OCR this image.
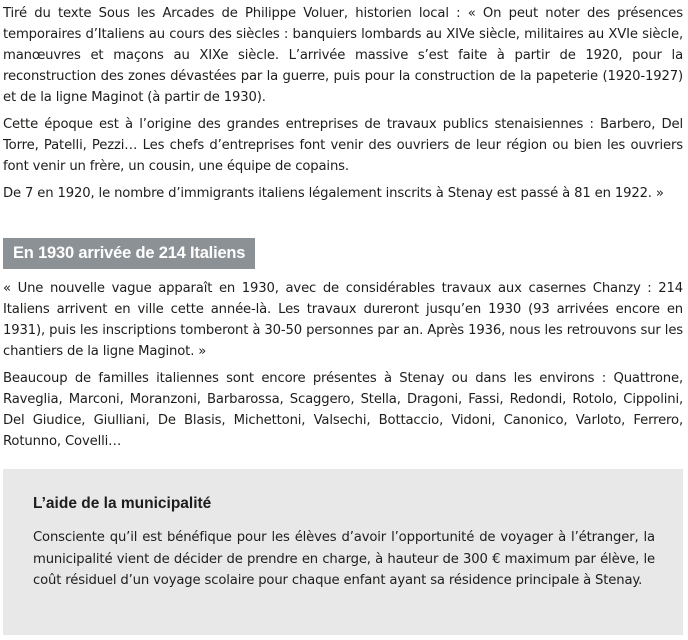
Tiré du texte Sous les Arcades de Philippe Voluer, historien local : « On peut noter des présences temporaires d’Italiens au cours des siècles : banquiers lombards au XIVe siècle, militaires au XVIe siècle, manœuvres et maçons au XIXe siècle. L’arrivée massive s’est faite à partir de 1920, pour la reconstruction des zones dévastées par la guerre, puis pour la construction de la papeterie (1920-1927) et de la ligne Maginot (à partir de 1930).

Cette époque est à l’origine des grandes entreprises de travaux publics stenaisiennes : Barbero, Del Torre, Patelli, Pezzi… Les chefs d’entreprises font venir des ouvriers de leur région ou bien les ouvriers font venir un frère, un cousin, une équipe de copains.

De 7 en 1920, le nombre d’immigrants italiens légalement inscrits à Stenay est passé à 81 en 1922. »

En 1930 arrivée de 214 Italiens

« Une nouvelle vague apparaît en 1930, avec de considérables travaux aux casernes Chanzy : 214 Italiens arrivent en ville cette année-là. Les travaux dureront jusqu’en 1930 (93 arrivées encore en 1931), puis les inscriptions tomberont à 30-50 personnes par an. Après 1936, nous les retrouvons sur les chantiers de la ligne Maginot. »

Beaucoup de familles italiennes sont encore présentes à Stenay ou dans les environs : Quattrone, Raveglia, Marconi, Moranzoni, Barbarossa, Scaggero, Stella, Dragoni, Fassi, Redondi, Rotolo, Cippolini, Del Giudice, Giulliani, De Blasis, Michettoni, Valsechi, Bottaccio, Vidoni, Canonico, Varloto, Ferrero, Rotunno, Covelli…

L’aide de la municipalité

Consciente qu’il est bénéfique pour les élèves d’avoir l’opportunité de voyager à l’étranger, la municipalité vient de décider de prendre en charge, à hauteur de 300 € maximum par élève, le coût résiduel d’un voyage scolaire pour chaque enfant ayant sa résidence principale à Stenay.
